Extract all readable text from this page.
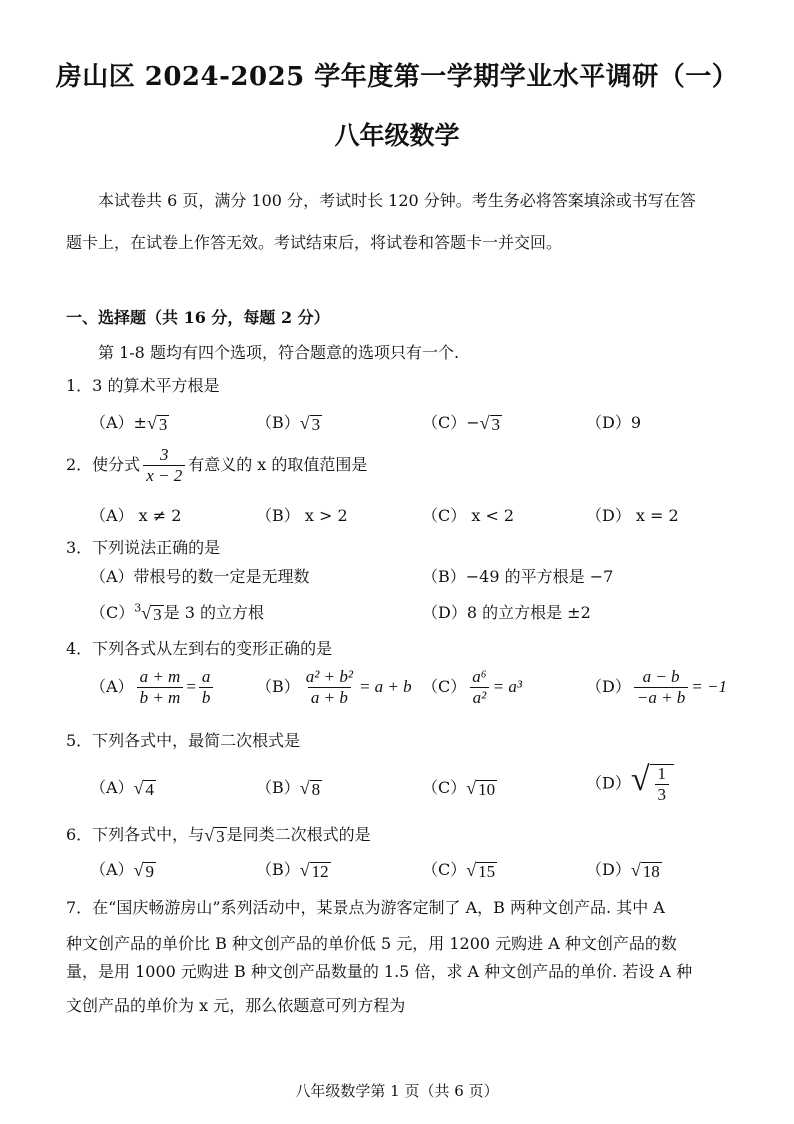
房山区 2024-2025 学年度第一学期学业水平调研（一）
八年级数学
本试卷共 6 页，满分 100 分，考试时长 120 分钟。考生务必将答案填涂或书写在答
题卡上，在试卷上作答无效。考试结束后，将试卷和答题卡一并交回。
一、选择题（共 16 分，每题 2 分）
第 1-8 题均有四个选项，符合题意的选项只有一个.
1．3 的算术平方根是
（A）± √ 3	（B） √ 3	（C）− √ 3	（D）9
2．使分式 $\frac{3}{x - 2}$ 有意义的 x 的取值范围是
（A） x ≠ 2	（B） x > 2	（C） x < 2	（D） x = 2
3．下列说法正确的是
（A）带根号的数一定是无理数	（B）−49 的平方根是 −7
$(C)^3$ √ 3 是 3 的立方根	（D）8 的立方根是 ±2
4．下列各式从左到右的变形正确的是
$(A) \frac{a + m}{b + m} = \frac{a}{b}$	$(B) \frac{\text{a² + b²}}{a + b} = a + b$ $(C) \frac{\text{a⁶}}{\text{a²}} = a^3$	$(D) \frac{a - b}{-a + b} = -1$
5．下列各式中，最简二次根式是
（A） √ 4	（B） √ 8	（C） √ 10	（D） √ $\frac{1}{3}$
6．下列各式中，与 √ 3 是同类二次根式的是
（A） √ 9	（B） √ 12	（C） √ 15	（D） √ 18
7．在“国庆畅游房山”系列活动中，某景点为游客定制了 A，B 两种文创产品. 其中 A
种文创产品的单价比 B 种文创产品的单价低 5 元，用 1200 元购进 A 种文创产品的数
量，是用 1000 元购进 B 种文创产品数量的 1.5 倍，求 A 种文创产品的单价. 若设 A 种
文创产品的单价为 x 元，那么依题意可列方程为
八年级数学第 1 页（共 6 页）
